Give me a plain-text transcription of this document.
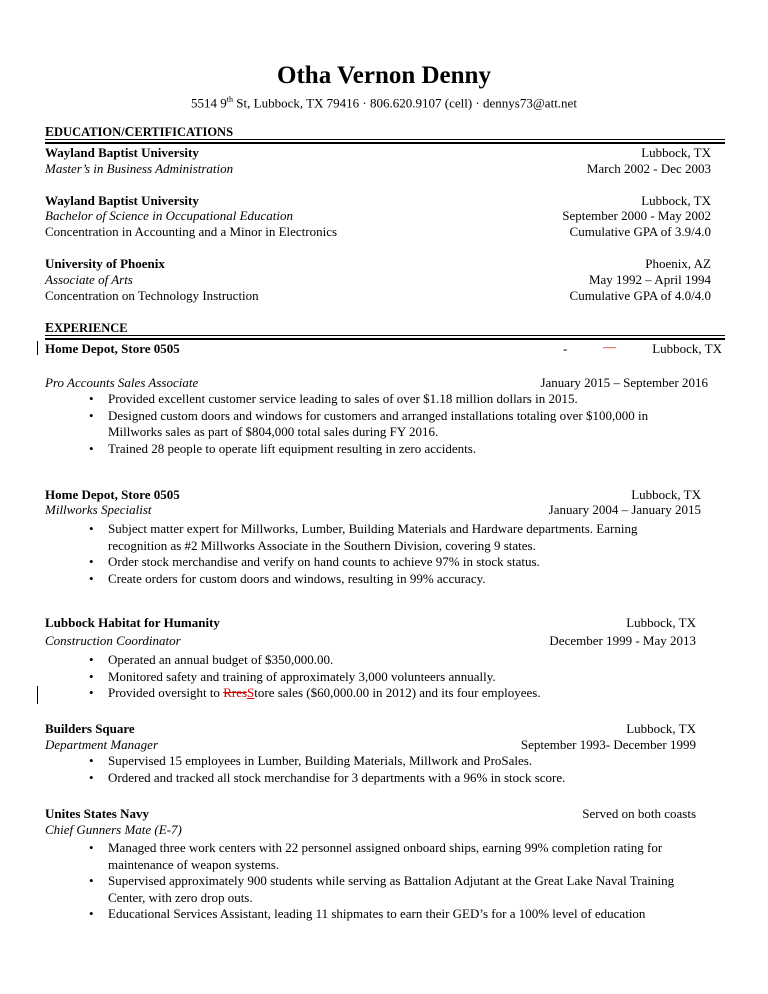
Otha Vernon Denny
5514 9th St, Lubbock, TX 79416 · 806.620.9107 (cell) · dennys73@att.net
EDUCATION/CERTIFICATIONS
Wayland Baptist University	Lubbock, TX
Master’s in Business Administration	March 2002 - Dec 2003
Wayland Baptist University	Lubbock, TX
Bachelor of Science in Occupational Education	September 2000 - May 2002
Concentration in Accounting and a Minor in Electronics	Cumulative GPA of 3.9/4.0
University of Phoenix	Phoenix, AZ
Associate of Arts	May 1992 – April 1994
Concentration on Technology Instruction	Cumulative GPA of 4.0/4.0
EXPERIENCE
Home Depot, Store 0505	-	—	Lubbock, TX
Pro Accounts Sales Associate	January 2015 – September 2016
• Provided excellent customer service leading to sales of over $1.18 million dollars in 2015.
• Designed custom doors and windows for customers and arranged installations totaling over $100,000 in Millworks sales as part of $804,000 total sales during FY 2016.
• Trained 28 people to operate lift equipment resulting in zero accidents.
Home Depot, Store 0505	Lubbock, TX
Millworks Specialist	January 2004 – January 2015
• Subject matter expert for Millworks, Lumber, Building Materials and Hardware departments. Earning recognition as #2 Millworks Associate in the Southern Division, covering 9 states.
• Order stock merchandise and verify on hand counts to achieve 97% in stock status.
• Create orders for custom doors and windows, resulting in 99% accuracy.
Lubbock Habitat for Humanity	Lubbock, TX
Construction Coordinator	December 1999 - May 2013
• Operated an annual budget of $350,000.00.
• Monitored safety and training of approximately 3,000 volunteers annually.
• Provided oversight to RresStore sales ($60,000.00 in 2012) and its four employees.
Builders Square	Lubbock, TX
Department Manager	September 1993- December 1999
• Supervised 15 employees in Lumber, Building Materials, Millwork and ProSales.
• Ordered and tracked all stock merchandise for 3 departments with a 96% in stock score.
Unites States Navy	Served on both coasts
Chief Gunners Mate (E-7)
• Managed three work centers with 22 personnel assigned onboard ships, earning 99% completion rating for maintenance of weapon systems.
• Supervised approximately 900 students while serving as Battalion Adjutant at the Great Lake Naval Training Center, with zero drop outs.
• Educational Services Assistant, leading 11 shipmates to earn their GED’s for a 100% level of education
